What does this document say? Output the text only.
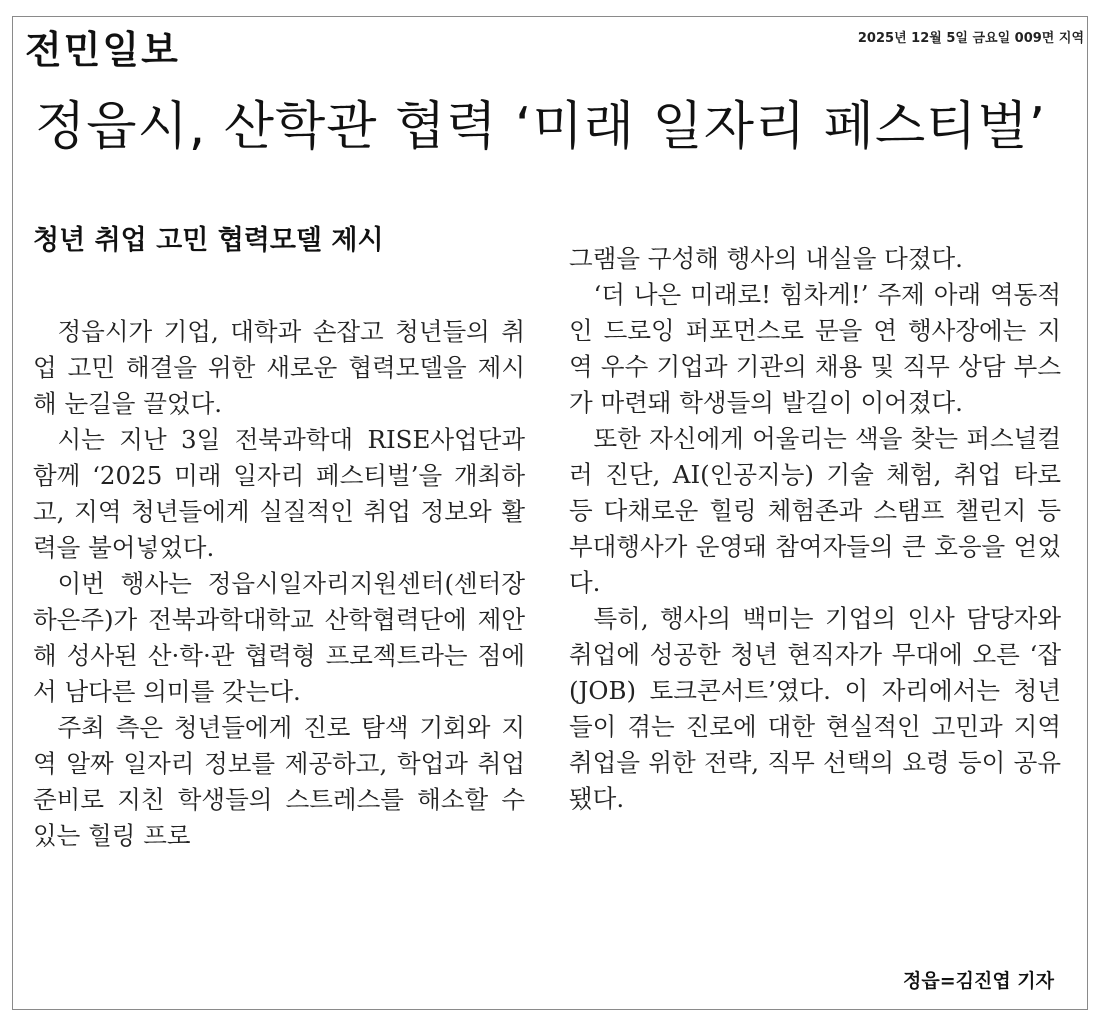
전민일보	2025년 12월 5일 금요일 009면 지역
정읍시, 산학관 협력 ‘미래 일자리 페스티벌’
청년 취업 고민 협력모델 제시

정읍시가 기업, 대학과 손잡고 청년들의 취업 고민 해결을 위한 새로운 협력모델을 제시해 눈길을 끌었다.

시는 지난 3일 전북과학대 RISE사업단과 함께 ‘2025 미래 일자리 페스티벌’을 개최하고, 지역 청년들에게 실질적인 취업 정보와 활력을 불어넣었다.

이번 행사는 정읍시일자리지원센터(센터장 하은주)가 전북과학대학교 산학협력단에 제안해 성사된 산·학·관 협력형 프로젝트라는 점에서 남다른 의미를 갖는다.

주최 측은 청년들에게 진로 탐색 기회와 지역 알짜 일자리 정보를 제공하고, 학업과 취업 준비로 지친 학생들의 스트레스를 해소할 수 있는 힐링 프로

그램을 구성해 행사의 내실을 다졌다.

‘더 나은 미래로! 힘차게!’ 주제 아래 역동적인 드로잉 퍼포먼스로 문을 연 행사장에는 지역 우수 기업과 기관의 채용 및 직무 상담 부스가 마련돼 학생들의 발길이 이어졌다.

또한 자신에게 어울리는 색을 찾는 퍼스널컬러 진단, AI(인공지능) 기술 체험, 취업 타로 등 다채로운 힐링 체험존과 스탬프 챌린지 등 부대행사가 운영돼 참여자들의 큰 호응을 얻었다.

특히, 행사의 백미는 기업의 인사 담당자와 취업에 성공한 청년 현직자가 무대에 오른 ‘잡(JOB) 토크콘서트’였다. 이 자리에서는 청년들이 겪는 진로에 대한 현실적인 고민과 지역 취업을 위한 전략, 직무 선택의 요령 등이 공유됐다.

정읍=김진엽 기자
